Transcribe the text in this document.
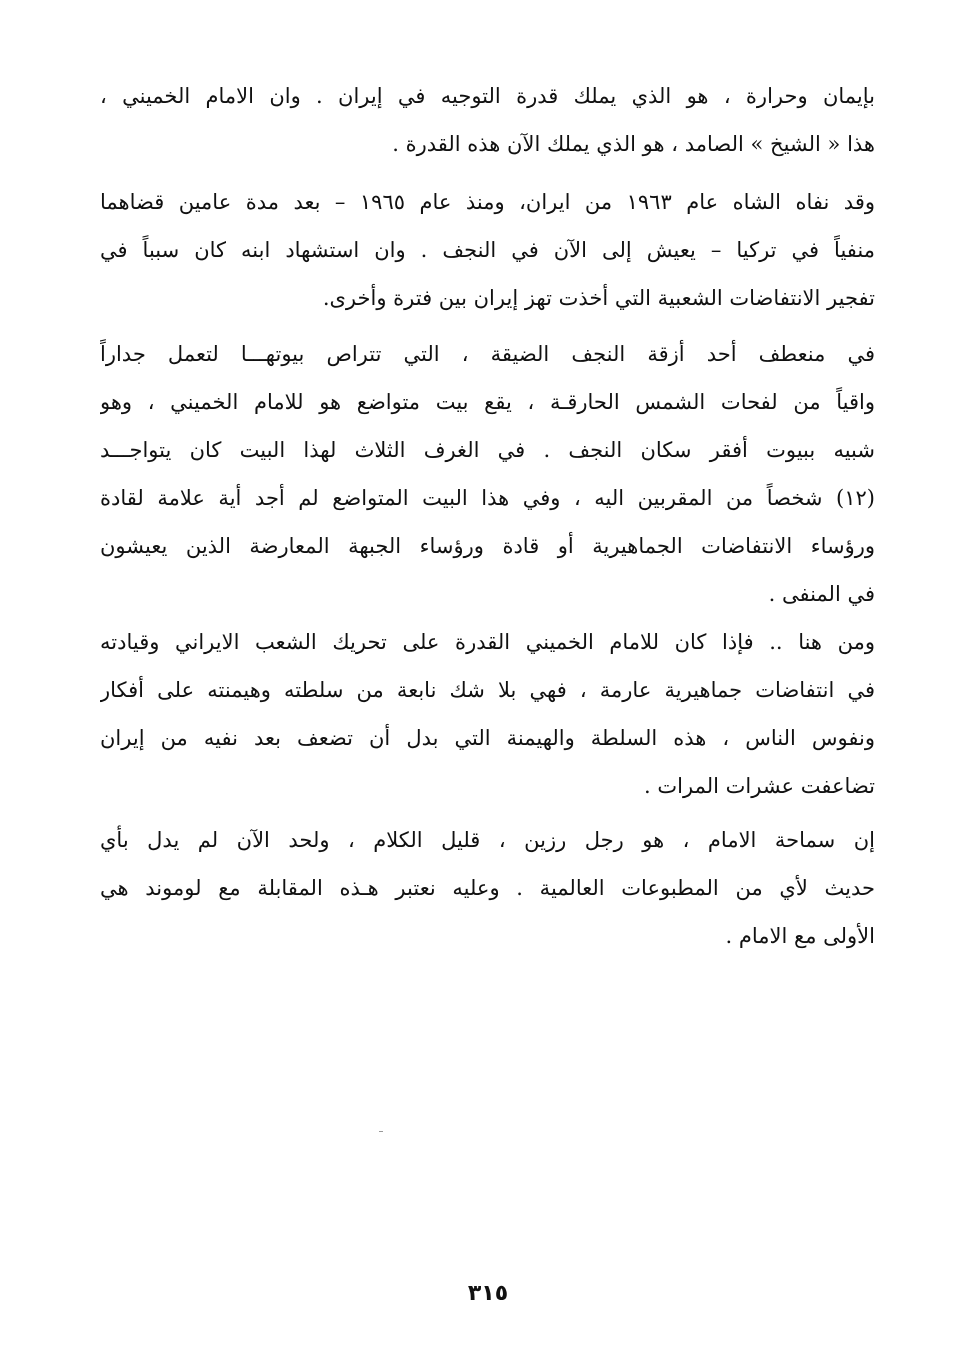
بإيمان وحرارة ، هو الذي يملك قدرة التوجيه في إيران . وان الامام الخميني ،
هذا « الشيخ » الصامد ، هو الذي يملك الآن هذه القدرة .
وقد نفاه الشاه عام ١٩٦٣ من ايران، ومنذ عام ١٩٦٥ – بعد مدة عامين قضاهما
منفياً في تركيا – يعيش إلى الآن في النجف . وان استشهاد ابنه كان سبباً في
تفجير الانتفاضات الشعبية التي أخذت تهز إيران بين فترة وأخرى.
في منعطف أحد أزقة النجف الضيقة ، التي تتراص بيوتهـــا لتعمل جداراً
واقياً من لفحات الشمس الحارقـة ، يقع بيت متواضع هو للامام الخميني ، وهو
شبيه ببيوت أفقر سكان النجف . في الغرف الثلاث لهذا البيت كان يتواجـــد
(١٢) شخصاً من المقربين اليه ، وفي هذا البيت المتواضع لم أجد أية علامة لقادة
ورؤساء الانتفاضات الجماهيرية أو قادة ورؤساء الجبهة المعارضة الذين يعيشون
في المنفى .
ومن هنا .. فإذا كان للامام الخميني القدرة على تحريك الشعب الايراني وقيادته
في انتفاضات جماهيرية عارمة ، فهي بلا شك نابعة من سلطته وهيمنته على أفكار
ونفوس الناس ، هذه السلطة والهيمنة التي بدل أن تضعف بعد نفيه من إيران
تضاعفت عشرات المرات .
إن سماحة الامام ، هو رجل رزين ، قليل الكلام ، ولحد الآن لم يدل بأي
حديث لأي من المطبوعات العالمية . وعليه نعتبر هـذه المقابلة مع لوموند هي
الأولى مع الامام .
٣١٥
